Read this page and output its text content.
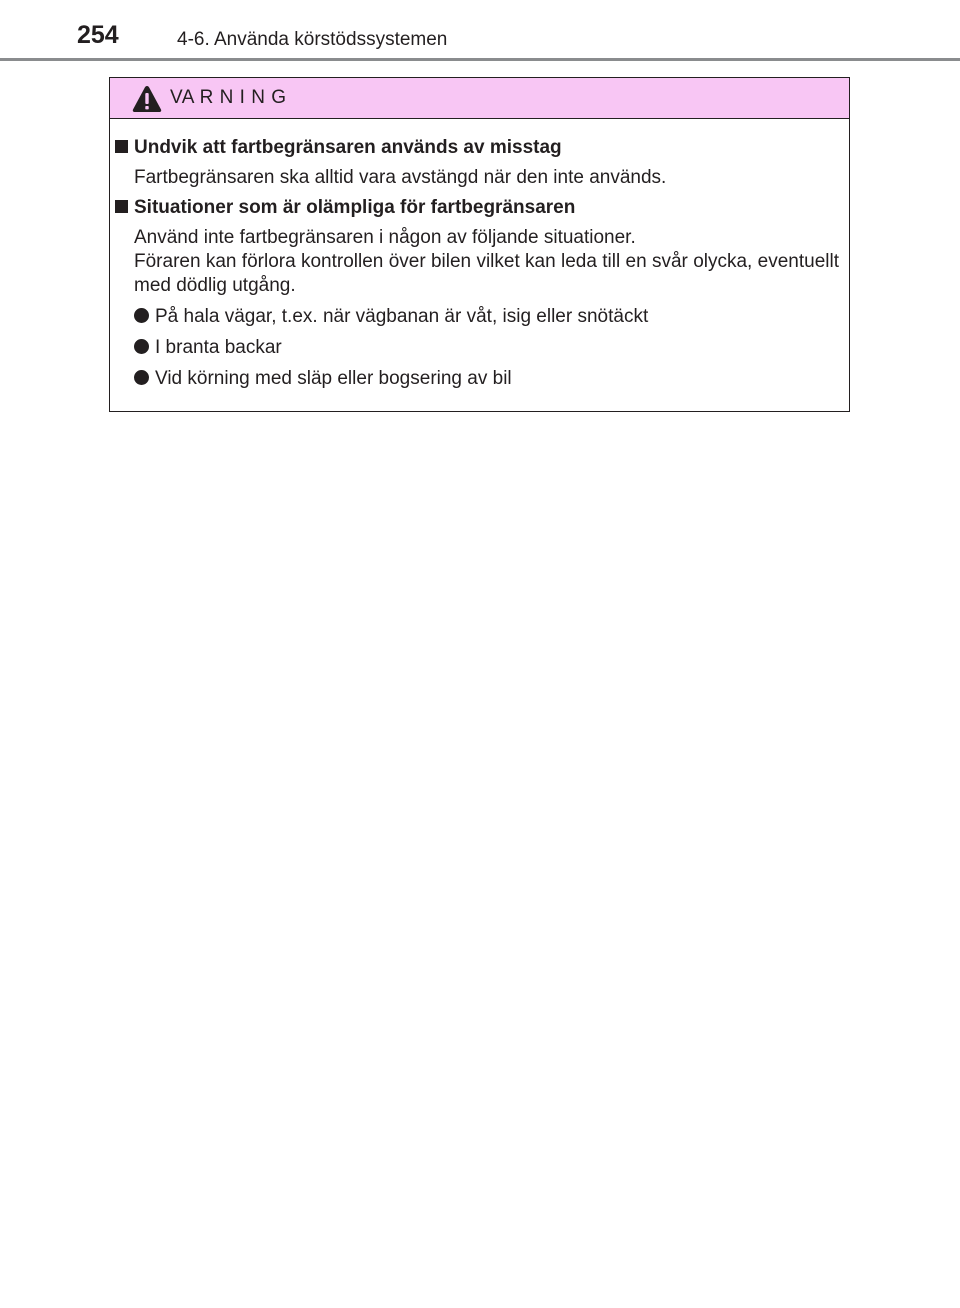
254	4-6. Använda körstödssystemen
VA R N I N G
Undvik att fartbegränsaren används av misstag
Fartbegränsaren ska alltid vara avstängd när den inte används.
Situationer som är olämpliga för fartbegränsaren
Använd inte fartbegränsaren i någon av följande situationer.
Föraren kan förlora kontrollen över bilen vilket kan leda till en svår olycka, eventuellt med dödlig utgång.
På hala vägar, t.ex. när vägbanan är våt, isig eller snötäckt
I branta backar
Vid körning med släp eller bogsering av bil
